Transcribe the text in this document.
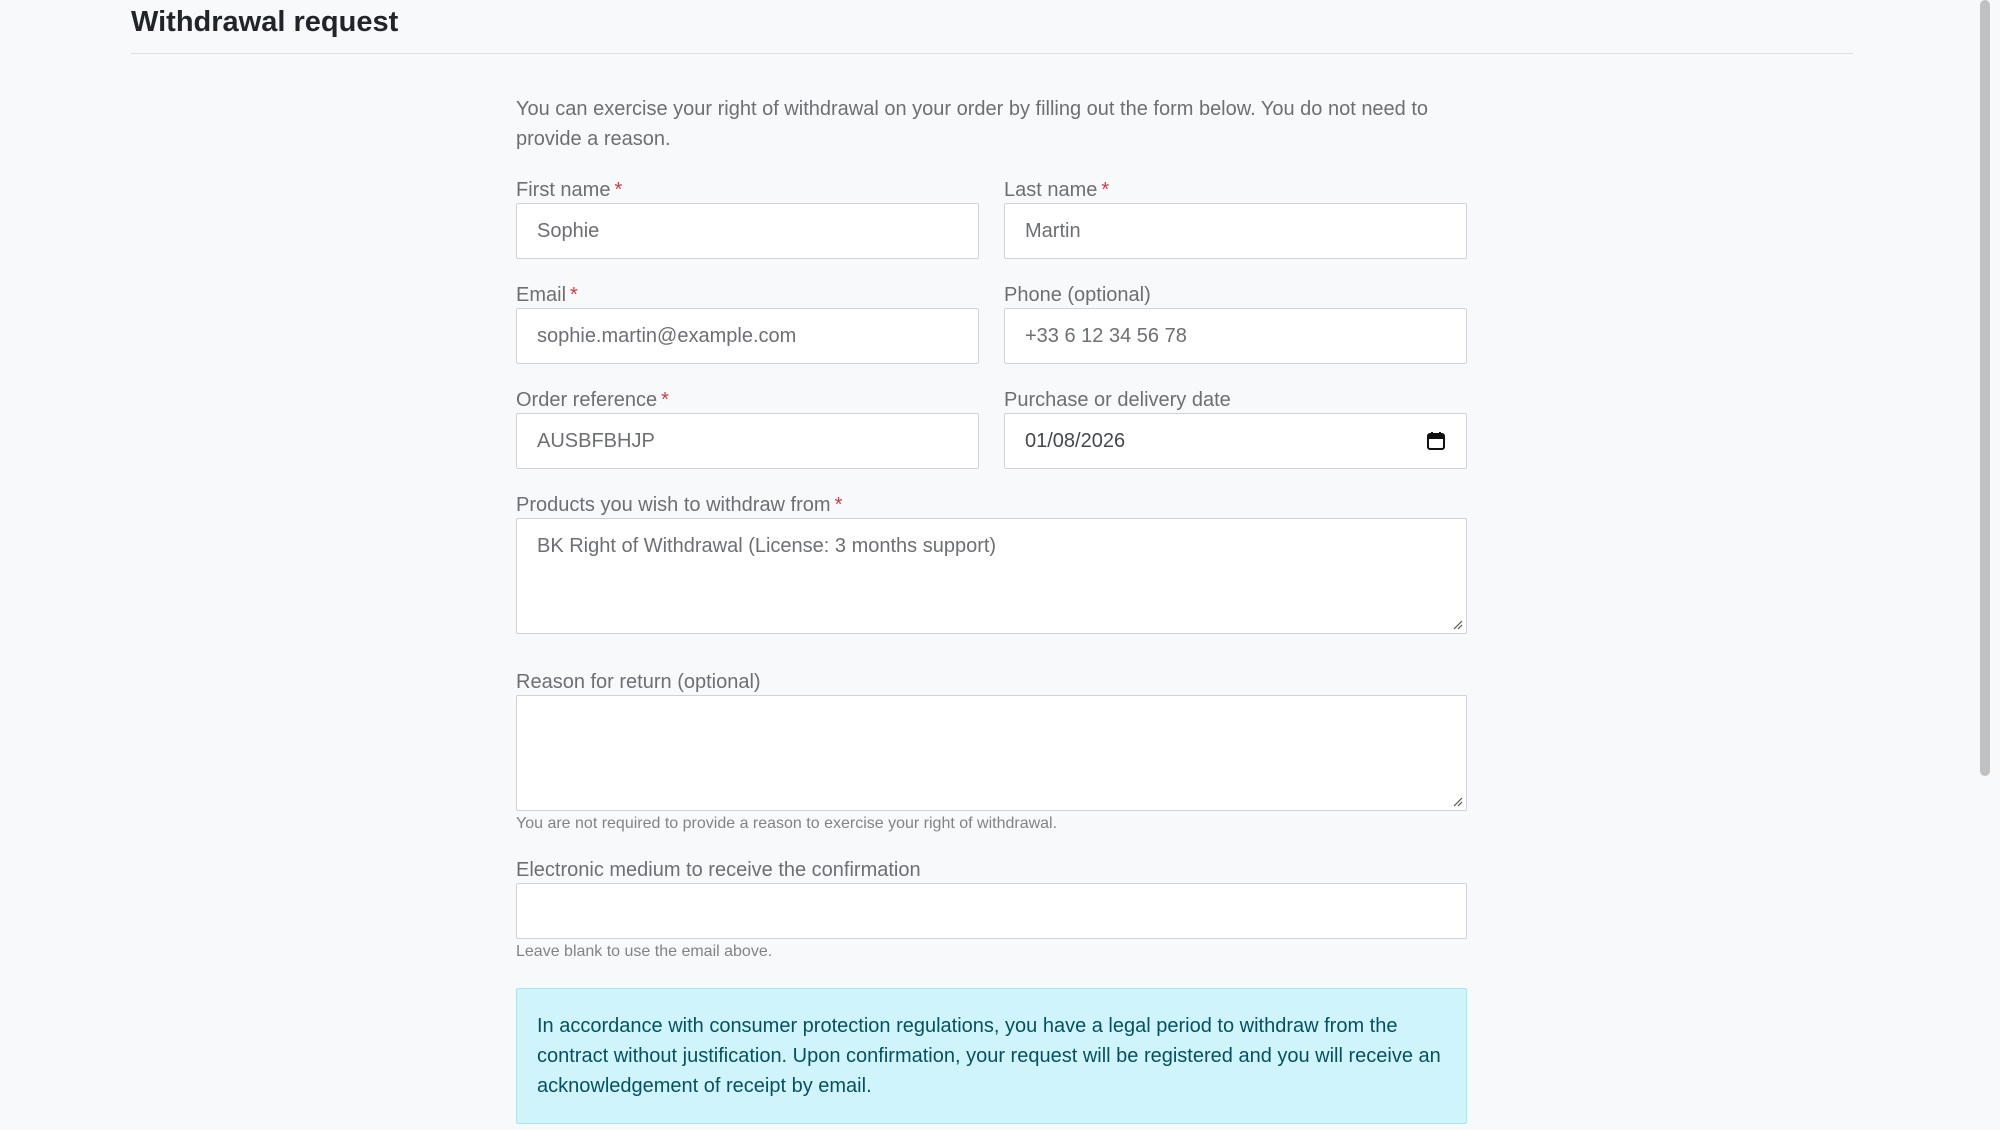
Withdrawal request

You can exercise your right of withdrawal on your order by filling out the form below. You do not need to provide a reason.

First name *
Sophie
Last name *
Martin
Email *
sophie.martin@example.com
Phone (optional)
+33 6 12 34 56 78
Order reference *
AUSBFBHJP
Purchase or delivery date
01/08/2026
Products you wish to withdraw from *
BK Right of Withdrawal (License: 3 months support)
Reason for return (optional)
You are not required to provide a reason to exercise your right of withdrawal.
Electronic medium to receive the confirmation
Leave blank to use the email above.
In accordance with consumer protection regulations, you have a legal period to withdraw from the contract without justification. Upon confirmation, your request will be registered and you will receive an acknowledgement of receipt by email.
